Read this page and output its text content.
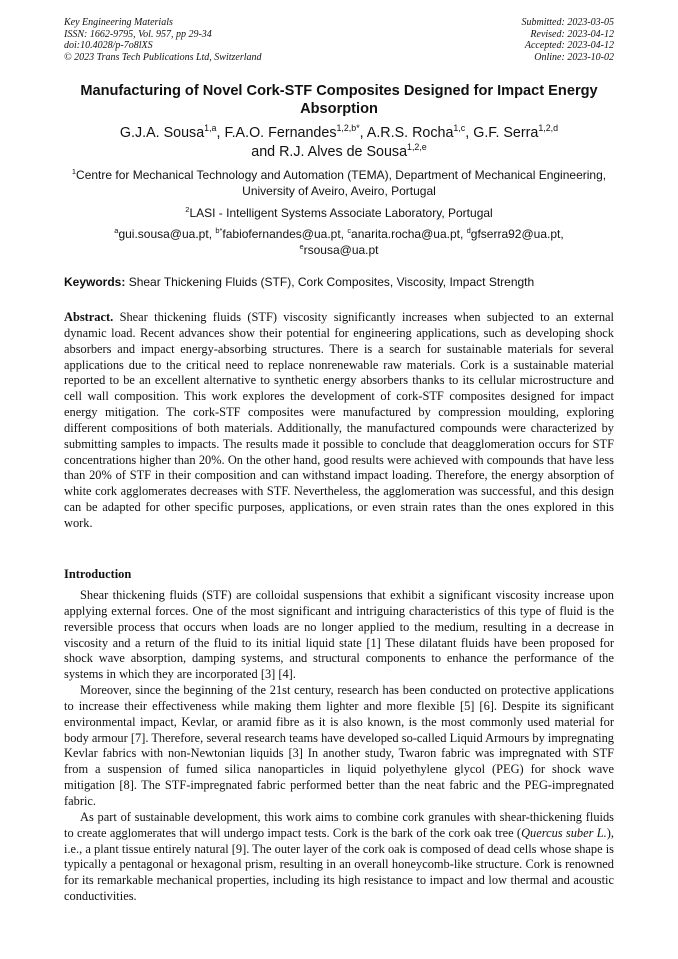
Key Engineering Materials
ISSN: 1662-9795, Vol. 957, pp 29-34
doi:10.4028/p-7o8lXS
© 2023 Trans Tech Publications Ltd, Switzerland
Submitted: 2023-03-05
Revised: 2023-04-12
Accepted: 2023-04-12
Online: 2023-10-02
Manufacturing of Novel Cork-STF Composites Designed for Impact Energy Absorption
G.J.A. Sousa$^{1,a}$, F.A.O. Fernandes$^{1,2,b*}$, A.R.S. Rocha$^{1,c}$, G.F. Serra$^{1,2,d}$
and R.J. Alves de Sousa$^{1,2,e}$
$^1$Centre for Mechanical Technology and Automation (TEMA), Department of Mechanical Engineering, University of Aveiro, Aveiro, Portugal
$^2$LASI - Intelligent Systems Associate Laboratory, Portugal
$^a$gui.sousa@ua.pt, $^{b*}$fabiofernandes@ua.pt, $^c$anarita.rocha@ua.pt, $^d$gfserra92@ua.pt,
$^e$rsousa@ua.pt
Keywords: Shear Thickening Fluids (STF), Cork Composites, Viscosity, Impact Strength

Abstract. Shear thickening fluids (STF) viscosity significantly increases when subjected to an external dynamic load. Recent advances show their potential for engineering applications, such as developing shock absorbers and impact energy-absorbing structures. There is a search for sustainable materials for several applications due to the critical need to replace nonrenewable raw materials. Cork is a sustainable material reported to be an excellent alternative to synthetic energy absorbers thanks to its cellular microstructure and cell wall composition. This work explores the development of cork-STF composites designed for impact energy mitigation. The cork-STF composites were manufactured by compression moulding, exploring different compositions of both materials. Additionally, the manufactured compounds were characterized by submitting samples to impacts. The results made it possible to conclude that deagglomeration occurs for STF concentrations higher than 20%. On the other hand, good results were achieved with compounds that have less than 20% of STF in their composition and can withstand impact loading. Therefore, the energy absorption of white cork agglomerates decreases with STF. Nevertheless, the agglomeration was successful, and this design can be adapted for other specific purposes, applications, or even strain rates than the ones explored in this work.

Introduction

Shear thickening fluids (STF) are colloidal suspensions that exhibit a significant viscosity increase upon applying external forces. One of the most significant and intriguing characteristics of this type of fluid is the reversible process that occurs when loads are no longer applied to the medium, resulting in a decrease in viscosity and a return of the fluid to its initial liquid state [1] These dilatant fluids have been proposed for shock wave absorption, damping systems, and structural components to enhance the performance of the systems in which they are incorporated [3] [4].

Moreover, since the beginning of the 21st century, research has been conducted on protective applications to increase their effectiveness while making them lighter and more flexible [5] [6]. Despite its significant environmental impact, Kevlar, or aramid fibre as it is also known, is the most commonly used material for body armour [7]. Therefore, several research teams have developed so-called Liquid Armours by impregnating Kevlar fabrics with non-Newtonian liquids [3] In another study, Twaron fabric was impregnated with STF from a suspension of fumed silica nanoparticles in liquid polyethylene glycol (PEG) for shock wave mitigation [8]. The STF-impregnated fabric performed better than the neat fabric and the PEG-impregnated fabric.

As part of sustainable development, this work aims to combine cork granules with shear-thickening fluids to create agglomerates that will undergo impact tests. Cork is the bark of the cork oak tree (Quercus suber L.), i.e., a plant tissue entirely natural [9]. The outer layer of the cork oak is composed of dead cells whose shape is typically a pentagonal or hexagonal prism, resulting in an overall honeycomb-like structure. Cork is renowned for its remarkable mechanical properties, including its high resistance to impact and low thermal and acoustic conductivities.
